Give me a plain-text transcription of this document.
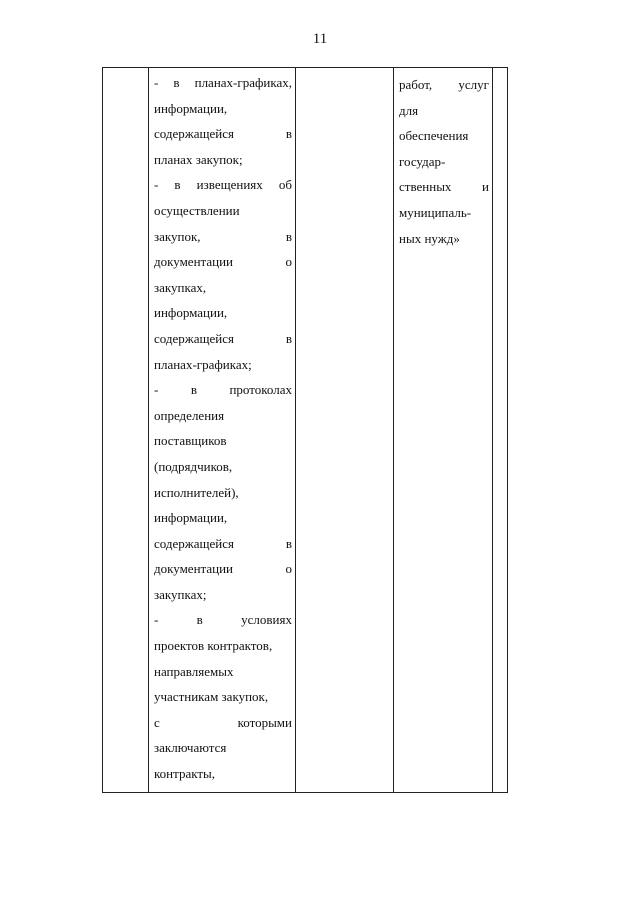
11

- в планах-графиках,
информации,
содержащейся в
планах закупок;
- в извещениях об
осуществлении
закупок, в
документации о
закупках,
информации,
содержащейся в
планах-графиках;
- в протоколах
определения
поставщиков
(подрядчиков,
исполнителей),
информации,
содержащейся в
документации о
закупках;
- в условиях
проектов контрактов,
направляемых
участникам закупок,
с которыми
заключаются
контракты,

работ, услуг
для
обеспечения
государ-
ственных и
муниципаль-
ных нужд»
